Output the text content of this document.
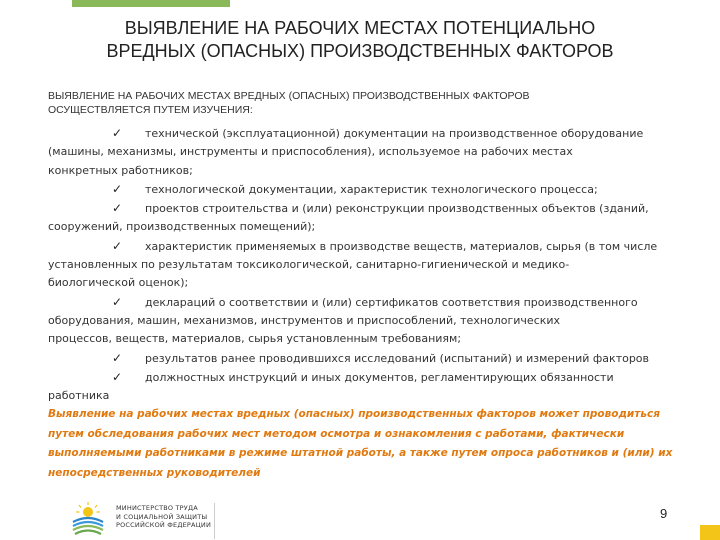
ВЫЯВЛЕНИЕ НА РАБОЧИХ МЕСТАХ ПОТЕНЦИАЛЬНО
ВРЕДНЫХ (ОПАСНЫХ) ПРОИЗВОДСТВЕННЫХ ФАКТОРОВ
ВЫЯВЛЕНИЕ НА РАБОЧИХ МЕСТАХ ВРЕДНЫХ (ОПАСНЫХ) ПРОИЗВОДСТВЕННЫХ ФАКТОРОВ
ОСУЩЕСТВЛЯЕТСЯ ПУТЕМ ИЗУЧЕНИЯ:
✓ технической (эксплуатационной) документации на производственное оборудование
(машины, механизмы, инструменты и приспособления), используемое на рабочих местах
конкретных работников;
✓ технологической документации, характеристик технологического процесса;
✓ проектов строительства и (или) реконструкции производственных объектов (зданий,
сооружений, производственных помещений);
✓ характеристик применяемых в производстве веществ, материалов, сырья (в том числе
установленных по результатам токсикологической, санитарно-гигиенической и медико-
биологической оценок);
✓ деклараций о соответствии и (или) сертификатов соответствия производственного
оборудования, машин, механизмов, инструментов и приспособлений, технологических
процессов, веществ, материалов, сырья установленным требованиям;
✓ результатов ранее проводившихся исследований (испытаний) и измерений факторов
✓ должностных инструкций и иных документов, регламентирующих обязанности
работника
Выявление на рабочих местах вредных (опасных) производственных факторов может проводиться
путем обследования рабочих мест методом осмотра и ознакомления с работами, фактически
выполняемыми работниками в режиме штатной работы, а также путем опроса работников и (или) их
непосредственных руководителей
МИНИСТЕРСТВО ТРУДА
И СОЦИАЛЬНОЙ ЗАЩИТЫ
РОССИЙСКОЙ ФЕДЕРАЦИИ
9
